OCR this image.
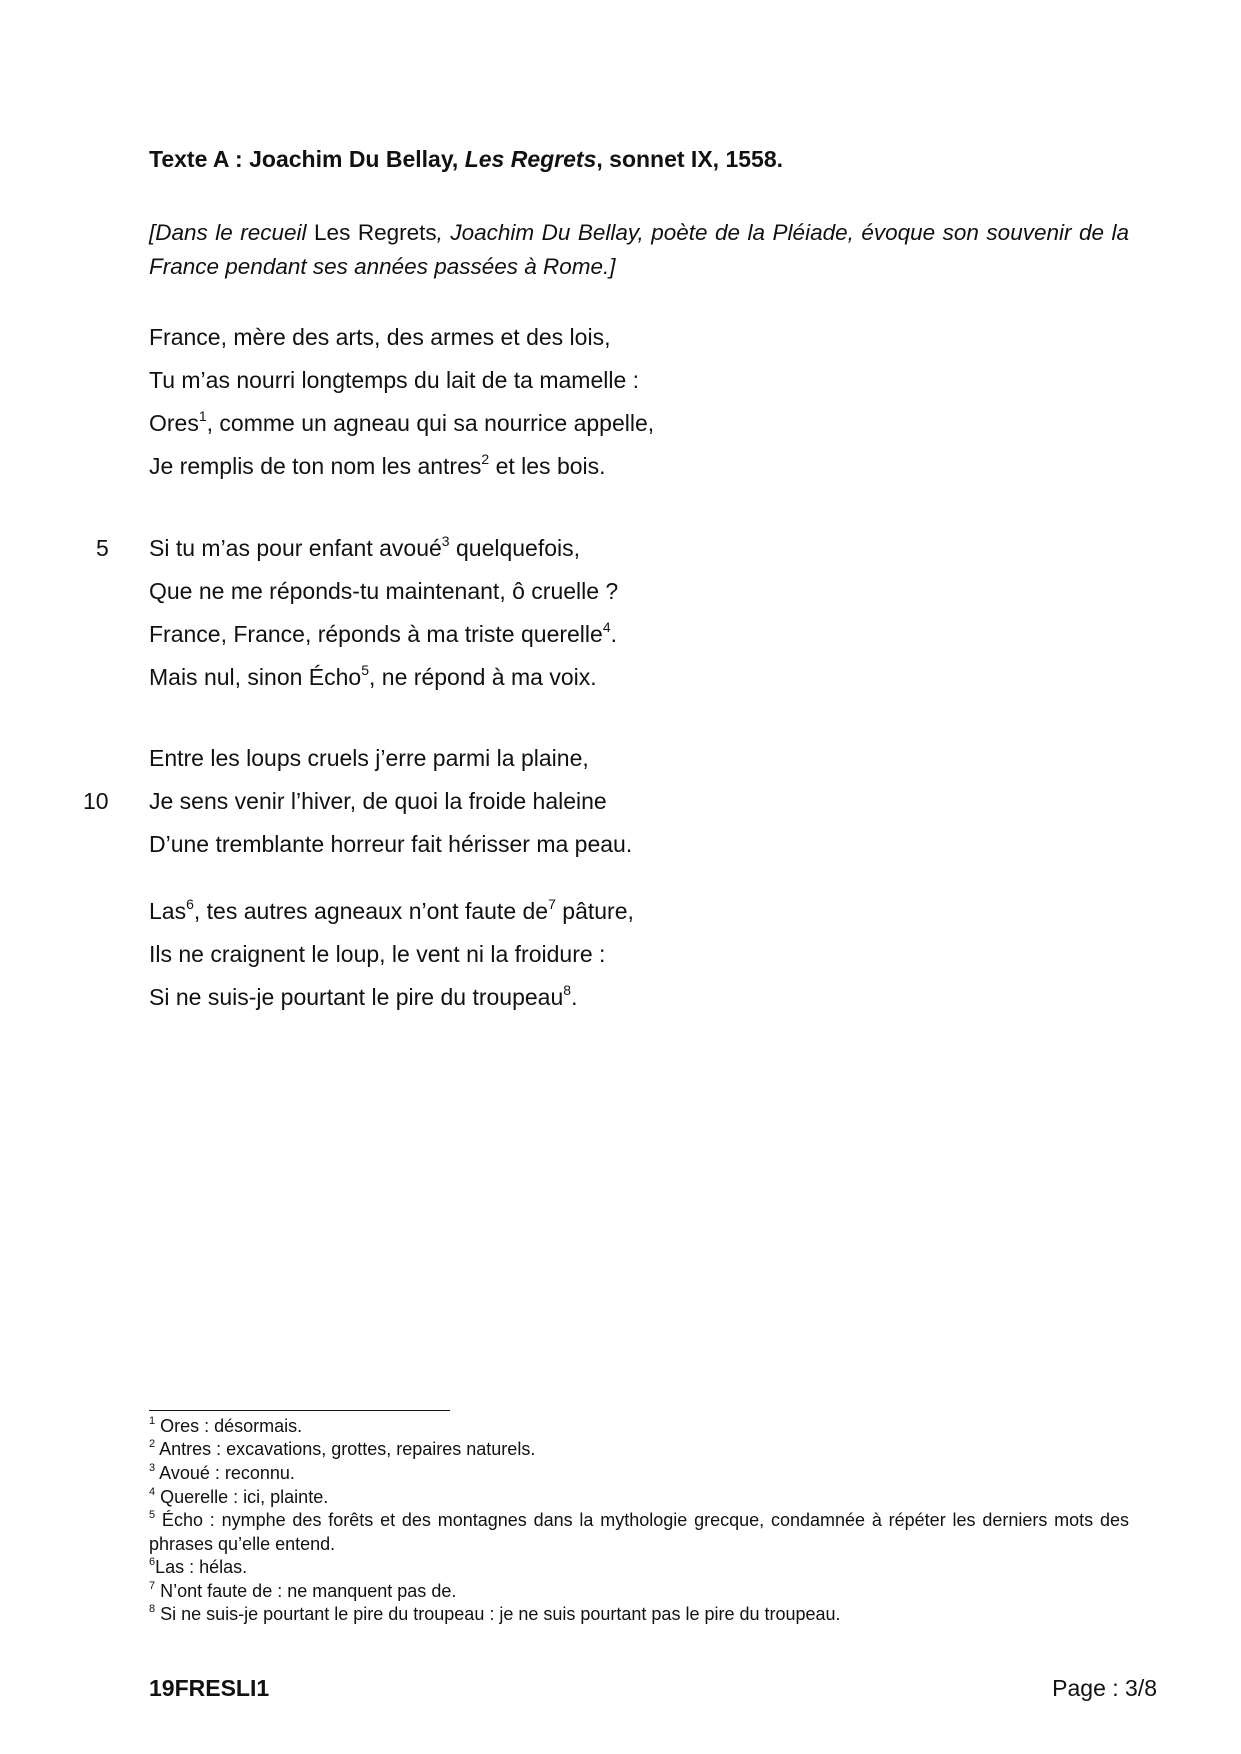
Texte A : Joachim Du Bellay, Les Regrets, sonnet IX, 1558.
[Dans le recueil Les Regrets, Joachim Du Bellay, poète de la Pléiade, évoque son souvenir de la France pendant ses années passées à Rome.]
France, mère des arts, des armes et des lois,
Tu m’as nourri longtemps du lait de ta mamelle :
Ores$^1$, comme un agneau qui sa nourrice appelle,
Je remplis de ton nom les antres$^2$ et les bois.
5 Si tu m’as pour enfant avoué$^3$ quelquefois,
Que ne me réponds-tu maintenant, ô cruelle ?
France, France, réponds à ma triste querelle$^4$.
Mais nul, sinon Écho$^5$, ne répond à ma voix.
Entre les loups cruels j’erre parmi la plaine,
10 Je sens venir l’hiver, de quoi la froide haleine
D’une tremblante horreur fait hérisser ma peau.
Las$^6$, tes autres agneaux n’ont faute $de^7$ pâture,
Ils ne craignent le loup, le vent ni la froidure :
Si ne suis-je pourtant le pire du troupeau$^8$.
$^1$ Ores : désormais.
$^2$ Antres : excavations, grottes, repaires naturels.
$^3$ Avoué : reconnu.
$^4$ Querelle : ici, plainte.
$^5$ Écho : nymphe des forêts et des montagnes dans la mythologie grecque, condamnée à répéter les derniers mots des phrases qu’elle entend.
$^6$Las : hélas.
$^7$ N’ont faute de : ne manquent pas de.
$^8$ Si ne suis-je pourtant le pire du troupeau : je ne suis pourtant pas le pire du troupeau.
19FRESLI1	Page : 3/8
